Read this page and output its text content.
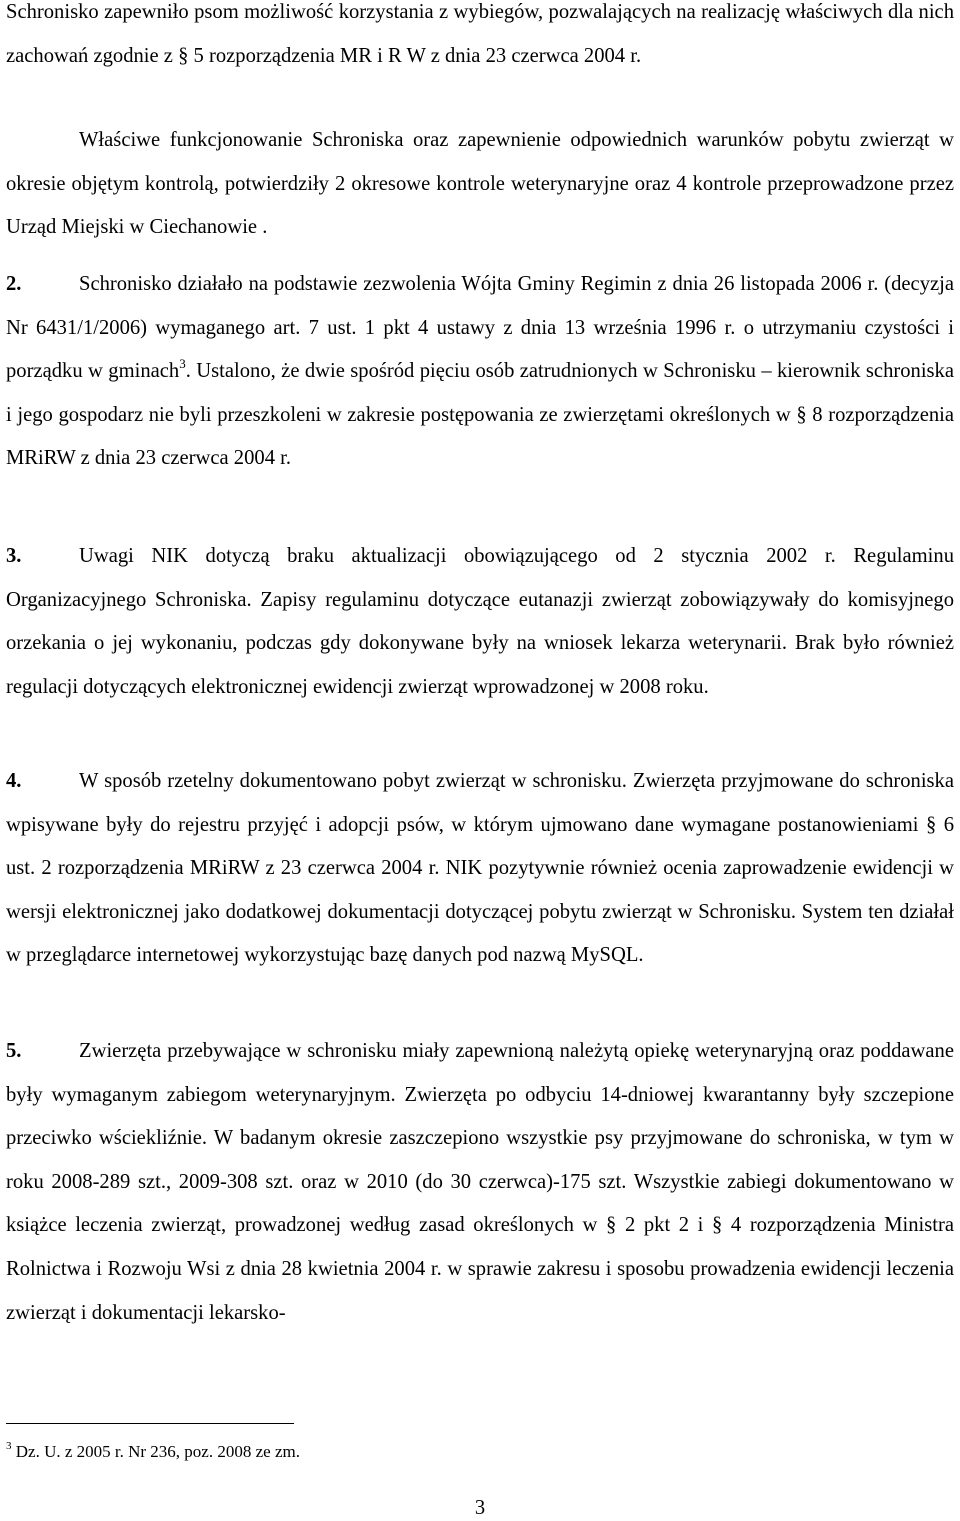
Schronisko zapewniło psom możliwość korzystania z wybiegów, pozwalających na realizację właściwych dla nich zachowań zgodnie z § 5 rozporządzenia MR i R W z dnia 23 czerwca 2004 r.

Właściwe funkcjonowanie Schroniska oraz zapewnienie odpowiednich warunków pobytu zwierząt w okresie objętym kontrolą, potwierdziły 2 okresowe kontrole weterynaryjne oraz 4 kontrole przeprowadzone przez Urząd Miejski w Ciechanowie .

2.	Schronisko działało na podstawie zezwolenia Wójta Gminy Regimin z dnia 26 listopada 2006 r. (decyzja Nr 6431/1/2006) wymaganego art. 7 ust. 1 pkt 4 ustawy z dnia 13 września 1996 r. o utrzymaniu czystości i porządku w gminach$^3$. Ustalono, że dwie spośród pięciu osób zatrudnionych w Schronisku – kierownik schroniska i jego gospodarz nie byli przeszkoleni w zakresie postępowania ze zwierzętami określonych w § 8 rozporządzenia MRiRW z dnia 23 czerwca 2004 r.

3.	Uwagi NIK dotyczą braku aktualizacji obowiązującego od 2 stycznia 2002 r. Regulaminu Organizacyjnego Schroniska. Zapisy regulaminu dotyczące eutanazji zwierząt zobowiązywały do komisyjnego orzekania o jej wykonaniu, podczas gdy dokonywane były na wniosek lekarza weterynarii. Brak było również regulacji dotyczących elektronicznej ewidencji zwierząt wprowadzonej w 2008 roku.

4.	W sposób rzetelny dokumentowano pobyt zwierząt w schronisku. Zwierzęta przyjmowane do schroniska wpisywane były do rejestru przyjęć i adopcji psów, w którym ujmowano dane wymagane postanowieniami § 6 ust. 2 rozporządzenia MRiRW z 23 czerwca 2004 r. NIK pozytywnie również ocenia zaprowadzenie ewidencji w wersji elektronicznej jako dodatkowej dokumentacji dotyczącej pobytu zwierząt w Schronisku. System ten działał w przeglądarce internetowej wykorzystując bazę danych pod nazwą MySQL.

5.	Zwierzęta przebywające w schronisku miały zapewnioną należytą opiekę weterynaryjną oraz poddawane były wymaganym zabiegom weterynaryjnym. Zwierzęta po odbyciu 14-dniowej kwarantanny były szczepione przeciwko wściekliźnie. W badanym okresie zaszczepiono wszystkie psy przyjmowane do schroniska, w tym w roku 2008-289 szt., 2009-308 szt. oraz w 2010 (do 30 czerwca)-175 szt. Wszystkie zabiegi dokumentowano w książce leczenia zwierząt, prowadzonej według zasad określonych w § 2 pkt 2 i § 4 rozporządzenia Ministra Rolnictwa i Rozwoju Wsi z dnia 28 kwietnia 2004 r. w sprawie zakresu i sposobu prowadzenia ewidencji leczenia zwierząt i dokumentacji lekarsko-

$^3$ Dz. U. z 2005 r. Nr 236, poz. 2008 ze zm.
3
